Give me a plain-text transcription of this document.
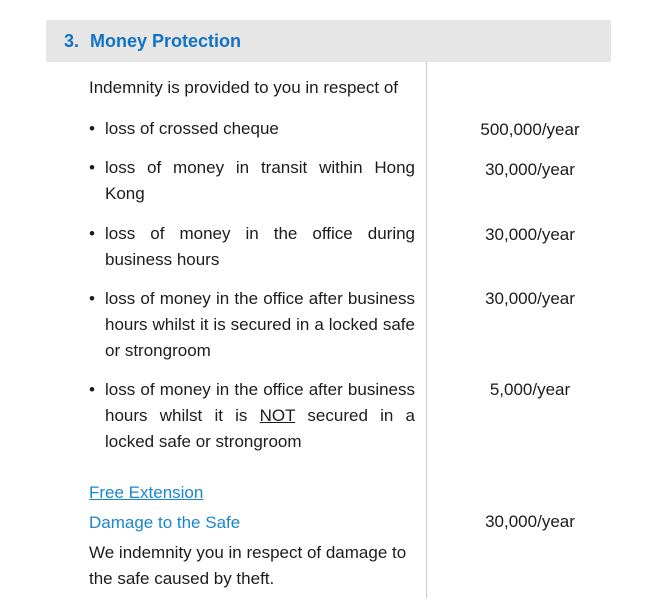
3. Money Protection
Indemnity is provided to you in respect of
• loss of crossed cheque	500,000/year
• loss of money in transit within Hong Kong
30,000/year
• loss of money in the office during business hours
30,000/year
• loss of money in the office after business hours whilst it is secured in a locked safe or strongroom
30,000/year
• loss of money in the office after business hours whilst it is NOT secured in a locked safe or strongroom
5,000/year
Free Extension
Damage to the Safe	30,000/year
We indemnity you in respect of damage to the safe caused by theft.
